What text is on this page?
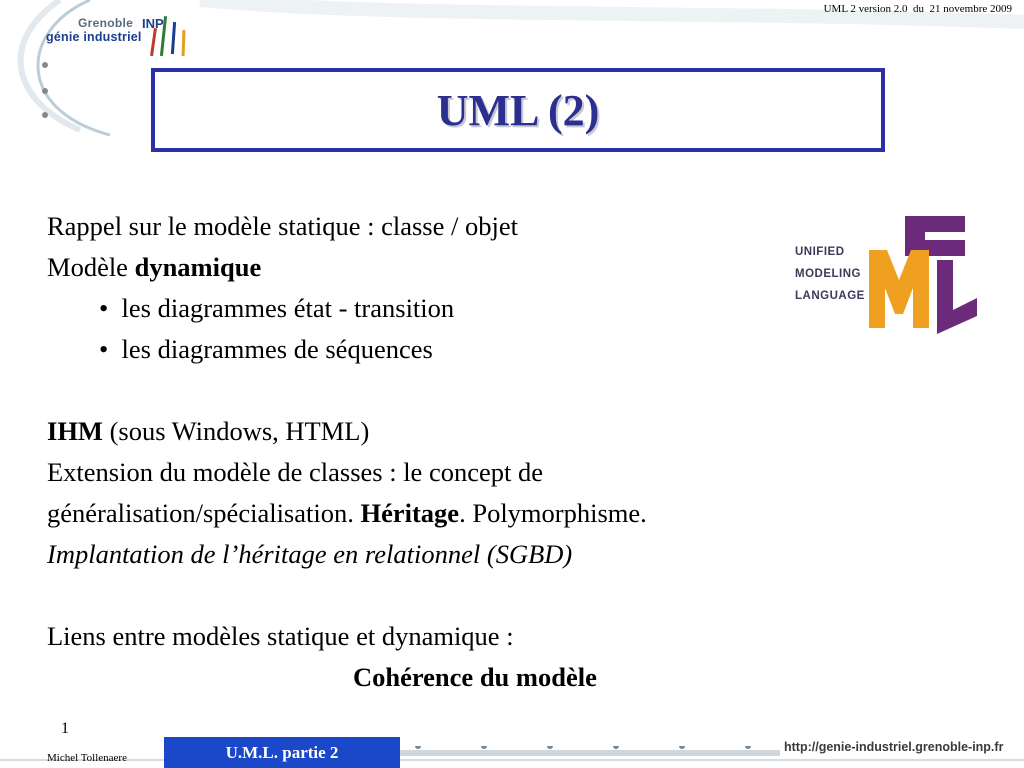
Grenoble INP
génie industriel
UML 2 version 2.0  du  21 novembre 2009
UML (2)
UNIFIED
MODELING
LANGUAGE
Rappel sur le modèle statique : classe / objet
Modèle dynamique
•  les diagrammes état - transition
•  les diagrammes de séquences
IHM (sous Windows, HTML)
Extension du modèle de classes : le concept de
généralisation/spécialisation. Héritage. Polymorphisme.
Implantation de l’héritage en relationnel (SGBD)
Liens entre modèles statique et dynamique :
Cohérence du modèle
1
Michel Tollenaere	U.M.L. partie 2	http://genie-industriel.grenoble-inp.fr
